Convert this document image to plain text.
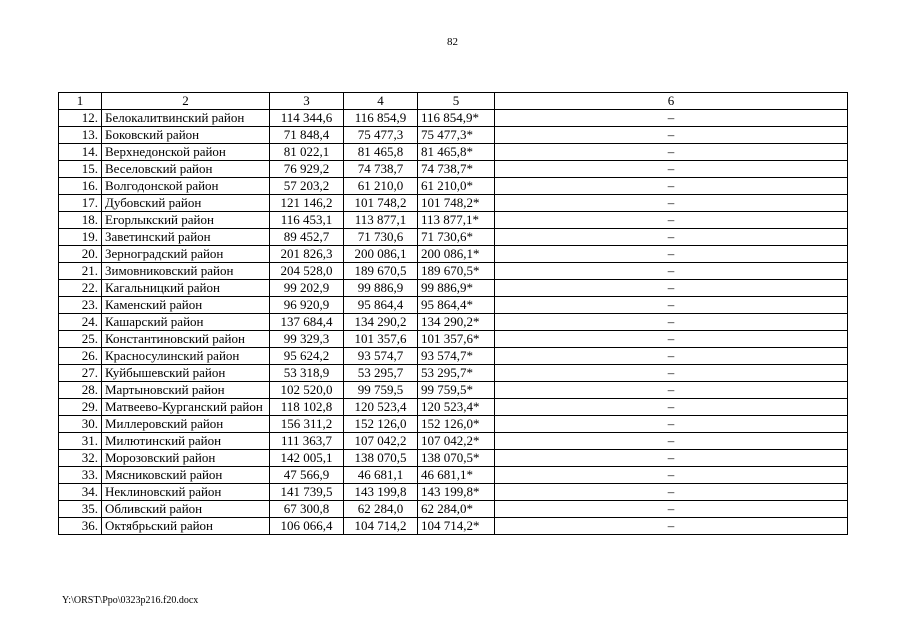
82
1	2	3	4	5	6
12.	Белокалитвинский район	114 344,6	116 854,9	116 854,9*	–
13.	Боковский район	71 848,4	75 477,3	75 477,3*	–
14.	Верхнедонской район	81 022,1	81 465,8	81 465,8*	–
15.	Веселовский район	76 929,2	74 738,7	74 738,7*	–
16.	Волгодонской район	57 203,2	61 210,0	61 210,0*	–
17.	Дубовский район	121 146,2	101 748,2	101 748,2*	–
18.	Егорлыкский район	116 453,1	113 877,1	113 877,1*	–
19.	Заветинский район	89 452,7	71 730,6	71 730,6*	–
20.	Зерноградский район	201 826,3	200 086,1	200 086,1*	–
21.	Зимовниковский район	204 528,0	189 670,5	189 670,5*	–
22.	Кагальницкий район	99 202,9	99 886,9	99 886,9*	–
23.	Каменский район	96 920,9	95 864,4	95 864,4*	–
24.	Кашарский район	137 684,4	134 290,2	134 290,2*	–
25.	Константиновский район	99 329,3	101 357,6	101 357,6*	–
26.	Красносулинский район	95 624,2	93 574,7	93 574,7*	–
27.	Куйбышевский район	53 318,9	53 295,7	53 295,7*	–
28.	Мартыновский район	102 520,0	99 759,5	99 759,5*	–
29.	Матвеево-Курганский район	118 102,8	120 523,4	120 523,4*	–
30.	Миллеровский район	156 311,2	152 126,0	152 126,0*	–
31.	Милютинский район	111 363,7	107 042,2	107 042,2*	–
32.	Морозовский район	142 005,1	138 070,5	138 070,5*	–
33.	Мясниковский район	47 566,9	46 681,1	46 681,1*	–
34.	Неклиновский район	141 739,5	143 199,8	143 199,8*	–
35.	Обливский район	67 300,8	62 284,0	62 284,0*	–
36.	Октябрьский район	106 066,4	104 714,2	104 714,2*	–
Y:\ORST\Ppo\0323p216.f20.docx
